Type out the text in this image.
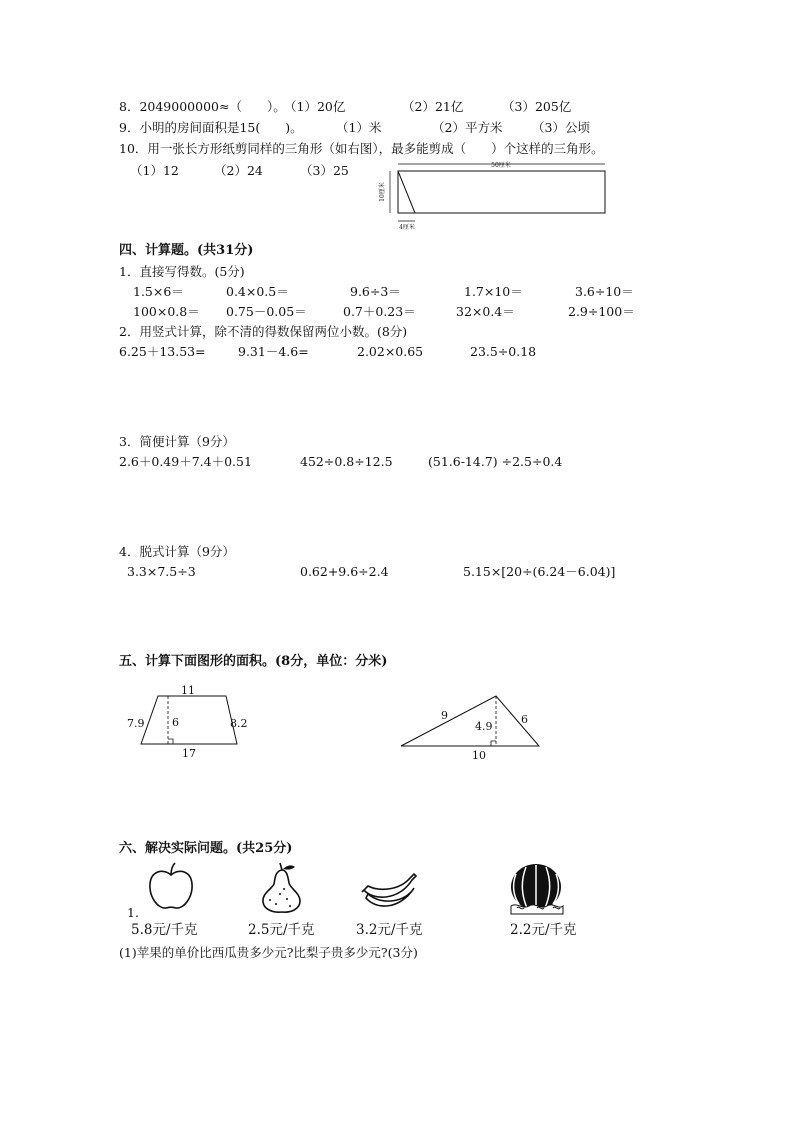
8．2049000000≈（　　）。
（1）20亿	（2）21亿	（3）205亿
9．小明的房间面积是15(　　)。	（1）米	（2）平方米 （3）公顷
10．用一张长方形纸剪同样的三角形（如右图），最多能剪成（　　）个这样的三角形。
（1）12	（2）24	（3）25	50厘米
10厘米
4厘米
四、计算题。(共31分)
1．直接写得数。(5分)
1.5×6＝	0.4×0.5＝	9.6÷3＝	1.7×10＝	3.6÷10＝
100×0.8＝ 0.75－0.05＝	0.7＋0.23＝	32×0.4＝	2.9÷100＝
2．用竖式计算，除不清的得数保留两位小数。(8分)
6.25＋13.53=	9.31－4.6=	2.02×0.65	23.5÷0.18
3．简便计算（9分）
2.6＋0.49＋7.4＋0.51	452÷0.8÷12.5	(51.6-14.7) ÷2.5÷0.4
4．脱式计算（9分）
3.3×7.5÷3	0.62+9.6÷2.4	5.15×[20÷(6.24－6.04)]
五、计算下面图形的面积。(8分，单位：分米)
11
17
7.9	8.2
6
9	6
4.9
10
六、解决实际问题。(共25分)
1.
5.8元/千克	2.5元/千克	3.2元/千克	2.2元/千克
(1)苹果的单价比西瓜贵多少元?比梨子贵多少元?(3分)
